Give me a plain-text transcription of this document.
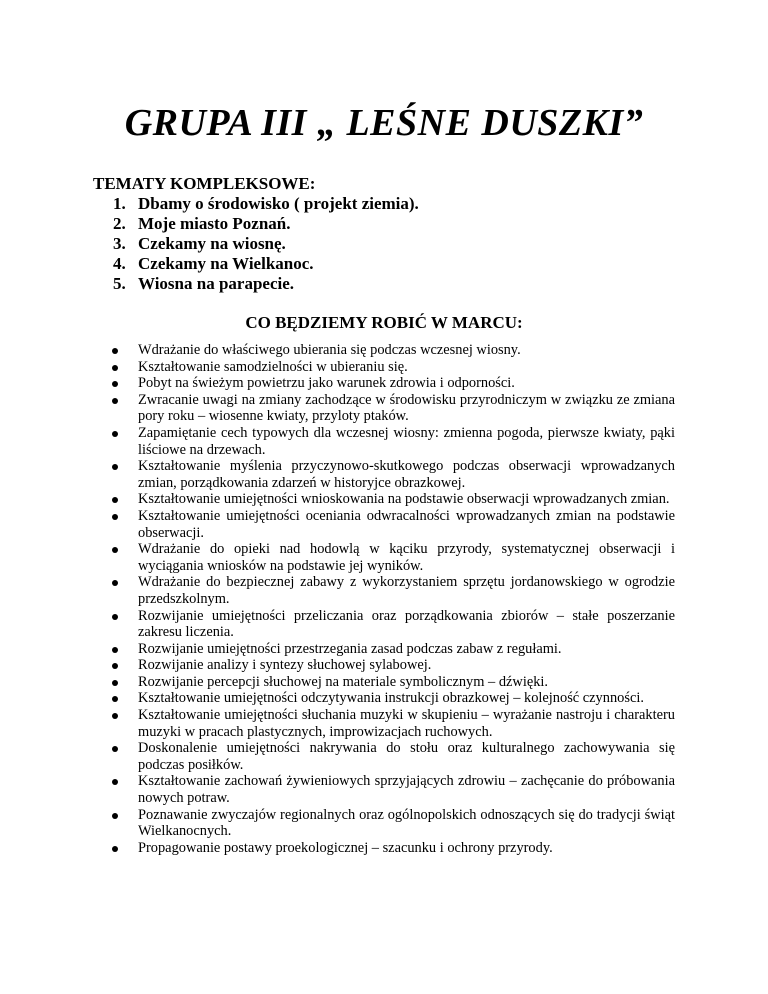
GRUPA III „ LEŚNE DUSZKI”

TEMATY KOMPLEKSOWE:

1. Dbamy o środowisko ( projekt ziemia).
2. Moje miasto Poznań.
3. Czekamy na wiosnę.
4. Czekamy na Wielkanoc.
5. Wiosna na parapecie.
CO BĘDZIEMY ROBIĆ W MARCU:
Wdrażanie do właściwego ubierania się podczas wczesnej wiosny.
Kształtowanie samodzielności w ubieraniu się.
Pobyt na świeżym powietrzu jako warunek zdrowia i odporności.
Zwracanie uwagi na zmiany zachodzące w środowisku przyrodniczym w związku ze zmiana pory roku – wiosenne kwiaty, przyloty ptaków.
Zapamiętanie cech typowych dla wczesnej wiosny: zmienna pogoda, pierwsze kwiaty, pąki liściowe na drzewach.
Kształtowanie myślenia przyczynowo-skutkowego podczas obserwacji wprowadzanych zmian, porządkowania zdarzeń w historyjce obrazkowej.
Kształtowanie umiejętności wnioskowania na podstawie obserwacji wprowadzanych zmian.
Kształtowanie umiejętności oceniania odwracalności wprowadzanych zmian na podstawie obserwacji.
Wdrażanie do opieki nad hodowlą w kąciku przyrody, systematycznej obserwacji i wyciągania wniosków na podstawie jej wyników.
Wdrażanie do bezpiecznej zabawy z wykorzystaniem sprzętu jordanowskiego w ogrodzie przedszkolnym.
Rozwijanie umiejętności przeliczania oraz porządkowania zbiorów – stałe poszerzanie zakresu liczenia.
Rozwijanie umiejętności przestrzegania zasad podczas zabaw z regułami.
Rozwijanie analizy i syntezy słuchowej sylabowej.
Rozwijanie percepcji słuchowej na materiale symbolicznym – dźwięki.
Kształtowanie umiejętności odczytywania instrukcji obrazkowej – kolejność czynności.
Kształtowanie umiejętności słuchania muzyki w skupieniu – wyrażanie nastroju i charakteru muzyki w pracach plastycznych, improwizacjach ruchowych.
Doskonalenie umiejętności nakrywania do stołu oraz kulturalnego zachowywania się podczas posiłków.
Kształtowanie zachowań żywieniowych sprzyjających zdrowiu – zachęcanie do próbowania nowych potraw.
Poznawanie zwyczajów regionalnych oraz ogólnopolskich odnoszących się do tradycji świąt Wielkanocnych.
Propagowanie postawy proekologicznej – szacunku i ochrony przyrody.
